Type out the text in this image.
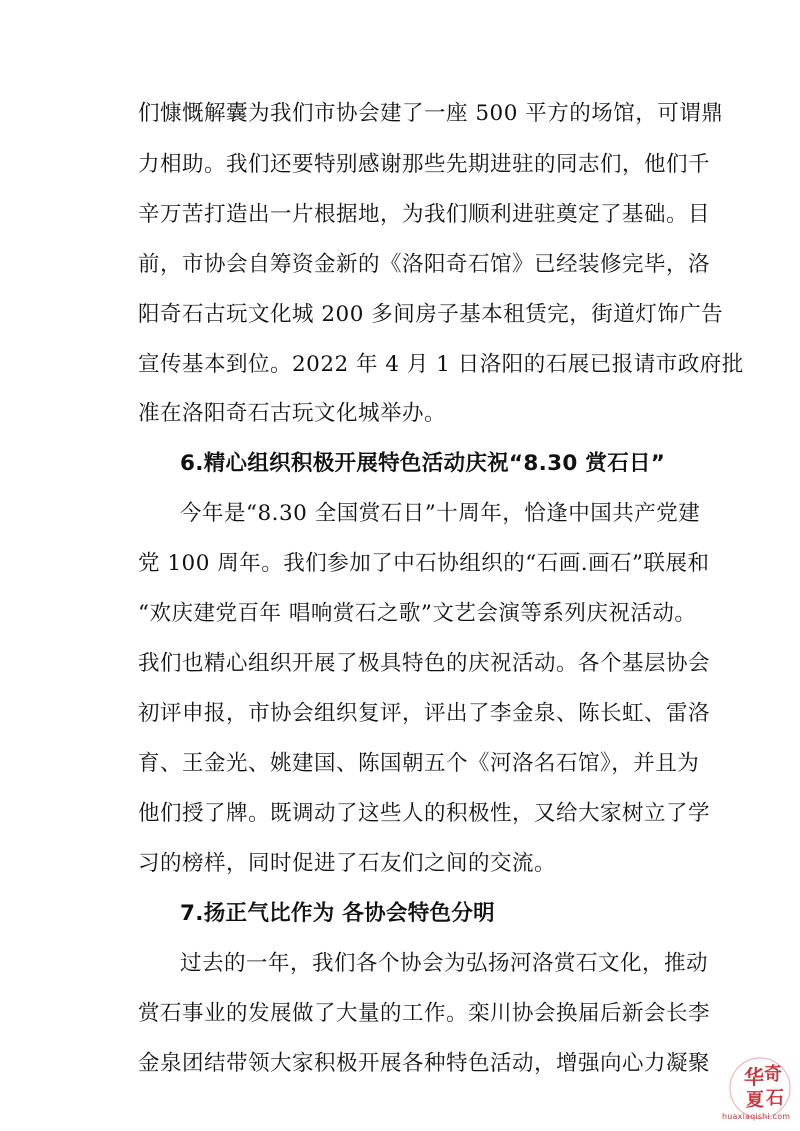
们慷慨解囊为我们市协会建了一座 500 平方的场馆，可谓鼎
力相助。我们还要特别感谢那些先期进驻的同志们，他们千
辛万苦打造出一片根据地，为我们顺利进驻奠定了基础。目
前，市协会自筹资金新的《洛阳奇石馆》已经装修完毕，洛
阳奇石古玩文化城 200 多间房子基本租赁完，街道灯饰广告
宣传基本到位。2022 年 4 月 1 日洛阳的石展已报请市政府批
准在洛阳奇石古玩文化城举办。
6.精心组织积极开展特色活动庆祝“8.30 赏石日”
今年是“8.30 全国赏石日”十周年，恰逢中国共产党建
党 100 周年。我们参加了中石协组织的“石画.画石”联展和
“欢庆建党百年 唱响赏石之歌”文艺会演等系列庆祝活动。
我们也精心组织开展了极具特色的庆祝活动。各个基层协会
初评申报，市协会组织复评，评出了李金泉、陈长虹、雷洛
育、王金光、姚建国、陈国朝五个《河洛名石馆》，并且为
他们授了牌。既调动了这些人的积极性，又给大家树立了学
习的榜样，同时促进了石友们之间的交流。
7.扬正气比作为 各协会特色分明
过去的一年，我们各个协会为弘扬河洛赏石文化，推动
赏石事业的发展做了大量的工作。栾川协会换届后新会长李
金泉团结带领大家积极开展各种特色活动，增强向心力凝聚
华 奇
夏 石
huaxiaqishi.com
